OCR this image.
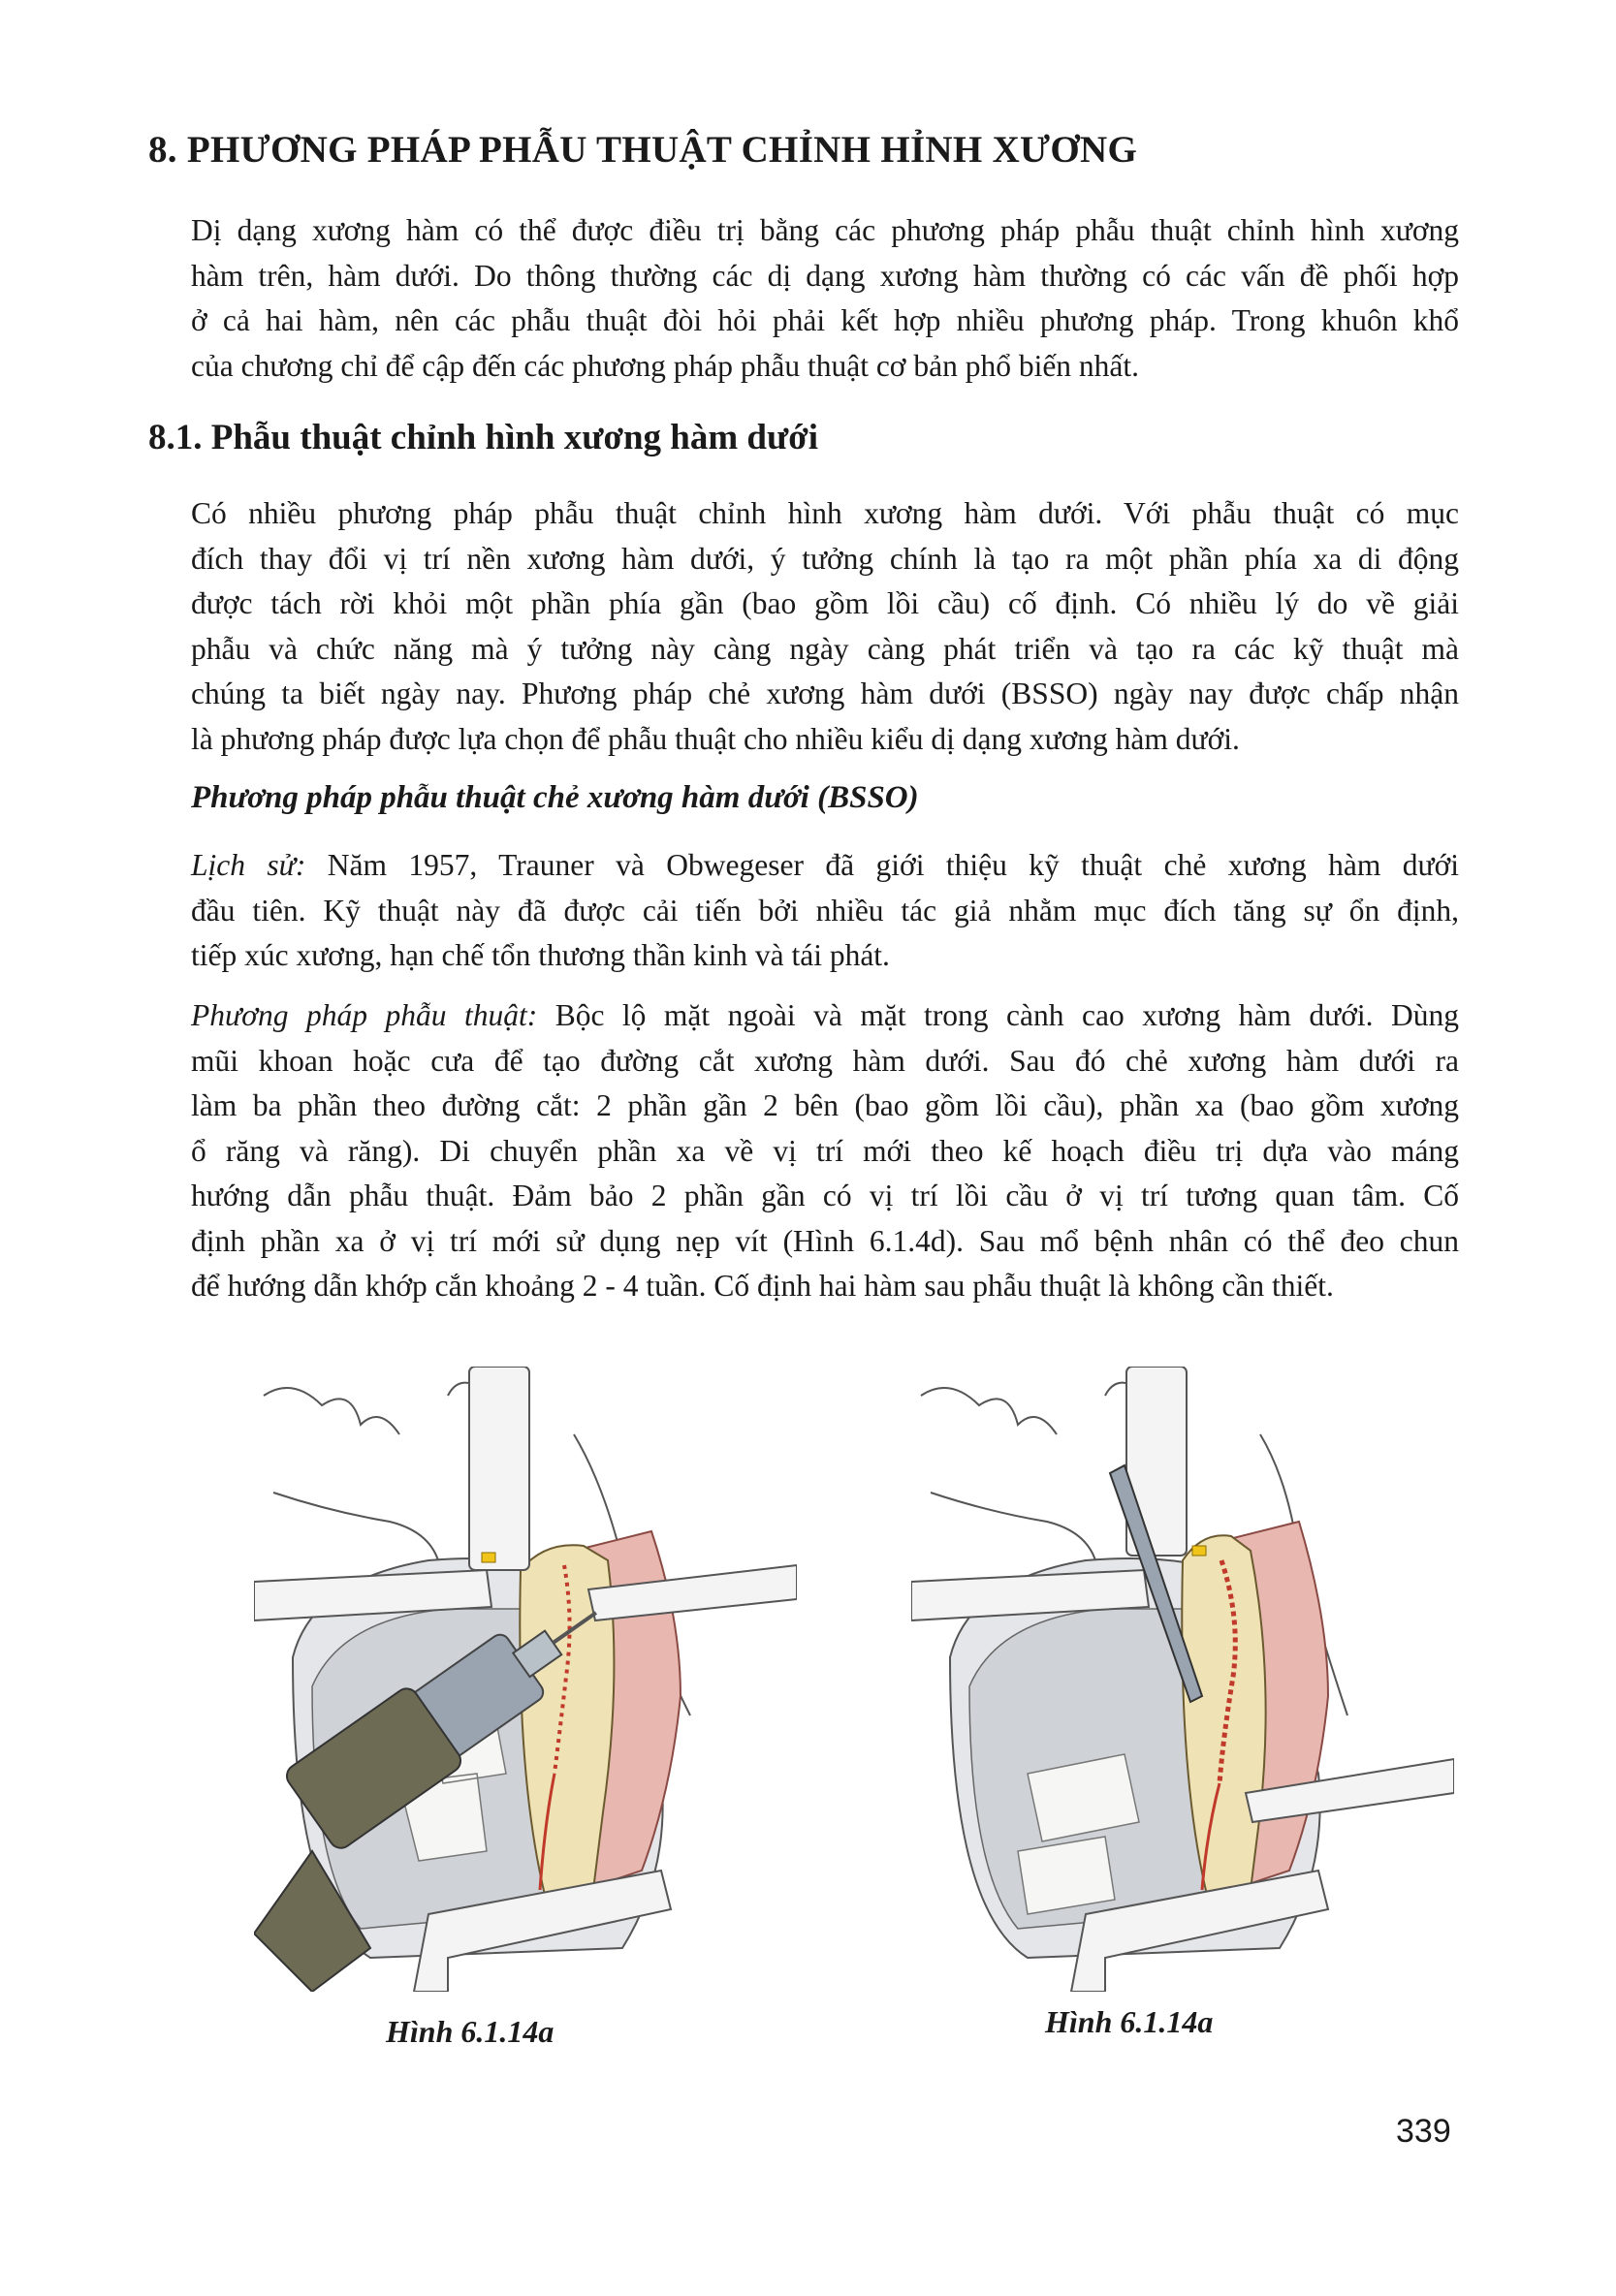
8. PHƯƠNG PHÁP PHẪU THUẬT CHỈNH HỈNH XƯƠNG
Dị dạng xương hàm có thể được điều trị bằng các phương pháp phẫu thuật chỉnh hình xương
hàm trên, hàm dưới. Do thông thường các dị dạng xương hàm thường có các vấn đề phối hợp
ở cả hai hàm, nên các phẫu thuật đòi hỏi phải kết hợp nhiều phương pháp. Trong khuôn khổ
của chương chỉ để cập đến các phương pháp phẫu thuật cơ bản phổ biến nhất.
8.1. Phẫu thuật chỉnh hình xương hàm dưới
Có nhiều phương pháp phẫu thuật chỉnh hình xương hàm dưới. Với phẫu thuật có mục
đích thay đổi vị trí nền xương hàm dưới, ý tưởng chính là tạo ra một phần phía xa di động
được tách rời khỏi một phần phía gần (bao gồm lồi cầu) cố định. Có nhiều lý do về giải
phẫu và chức năng mà ý tưởng này càng ngày càng phát triển và tạo ra các kỹ thuật mà
chúng ta biết ngày nay. Phương pháp chẻ xương hàm dưới (BSSO) ngày nay được chấp nhận
là phương pháp được lựa chọn để phẫu thuật cho nhiều kiểu dị dạng xương hàm dưới.
Phương pháp phẫu thuật chẻ xương hàm dưới (BSSO)
Lịch sử: Năm 1957, Trauner và Obwegeser đã giới thiệu kỹ thuật chẻ xương hàm dưới
đầu tiên. Kỹ thuật này đã được cải tiến bởi nhiều tác giả nhằm mục đích tăng sự ổn định,
tiếp xúc xương, hạn chế tổn thương thần kinh và tái phát.
Phương pháp phẫu thuật: Bộc lộ mặt ngoài và mặt trong cành cao xương hàm dưới. Dùng
mũi khoan hoặc cưa để tạo đường cắt xương hàm dưới. Sau đó chẻ xương hàm dưới ra
làm ba phần theo đường cắt: 2 phần gần 2 bên (bao gồm lồi cầu), phần xa (bao gồm xương
ổ răng và răng). Di chuyển phần xa về vị trí mới theo kế hoạch điều trị dựa vào máng
hướng dẫn phẫu thuật. Đảm bảo 2 phần gần có vị trí lồi cầu ở vị trí tương quan tâm. Cố
định phần xa ở vị trí mới sử dụng nẹp vít (Hình 6.1.4d). Sau mổ bệnh nhân có thể đeo chun
để hướng dẫn khớp cắn khoảng 2 - 4 tuần. Cố định hai hàm sau phẫu thuật là không cần thiết.
Hình 6.1.14a	Hình 6.1.14a
339
